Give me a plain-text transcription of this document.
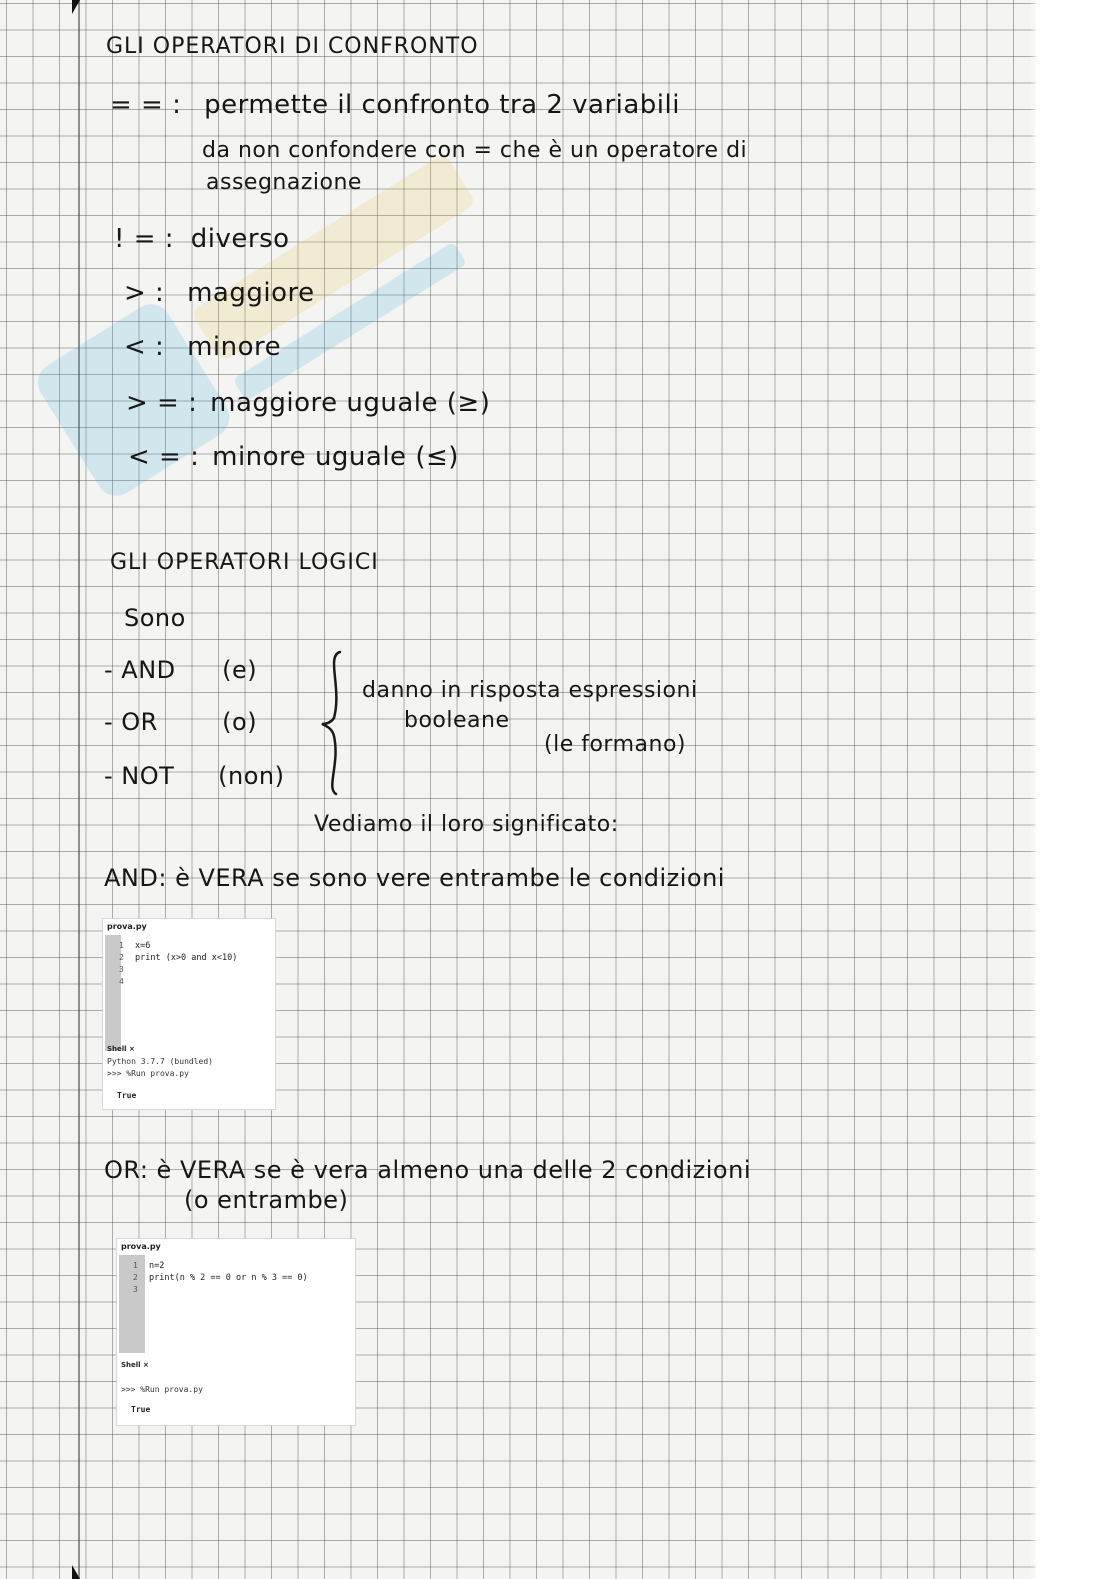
GLI OPERATORI DI CONFRONTO
= = : permette il confronto tra 2 variabili
da non confondere con = che è un operatore di
assegnazione
! = : diverso
> : maggiore
< : minore
> = : maggiore uguale (≥)
< = : minore uguale (≤)
GLI OPERATORI LOGICI
Sono
- AND (e)
- OR	(o)
- NOT (non)
danno in risposta espressioni
booleane
(le formano)
Vediamo il loro significato:
AND: è VERA se sono vere entrambe le condizioni
prova.py
1
2
3
4
x=6
print (x>0 and x<10)
Shell ×
Python 3.7.7 (bundled)
>>> %Run prova.py
True
OR: è VERA se è vera almeno una delle 2 condizioni
(o entrambe)
prova.py
1
2
3
n=2
print(n % 2 == 0 or n % 3 == 0)
Shell ×
>>> %Run prova.py
True
